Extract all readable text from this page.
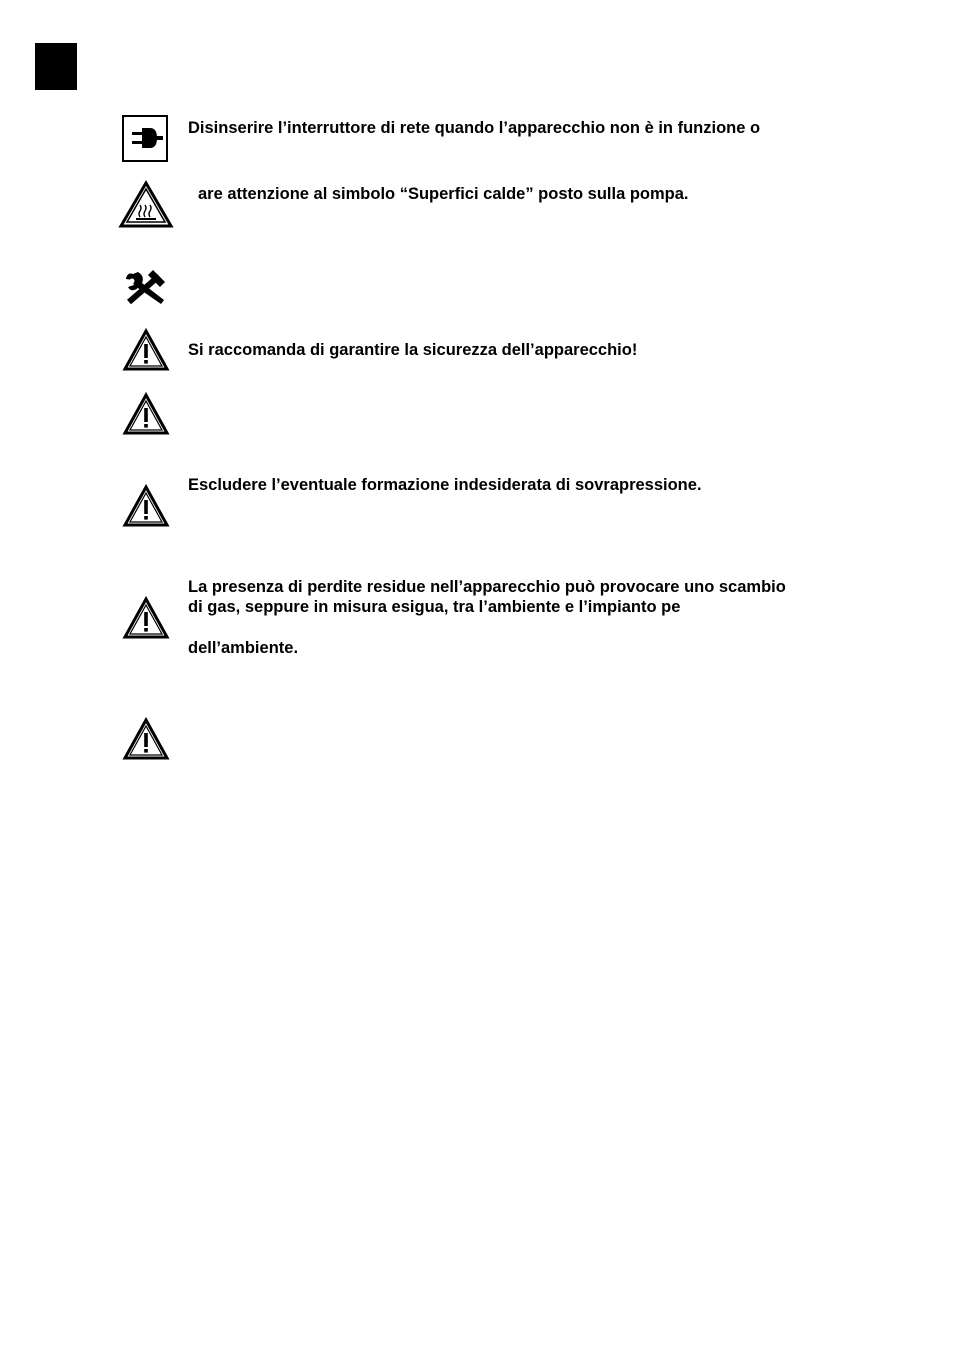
Disinserire l’interruttore di rete quando l’apparecchio non è in funzione o
are attenzione al simbolo “Superfici calde” posto sulla pompa.
Si raccomanda di garantire la sicurezza dell’apparecchio!
Escludere l’eventuale formazione indesiderata di sovrapressione.
La presenza di perdite residue nell’apparecchio può provocare uno scambio
di gas, seppure in misura esigua, tra l’ambiente e l’impianto pe
dell’ambiente.
